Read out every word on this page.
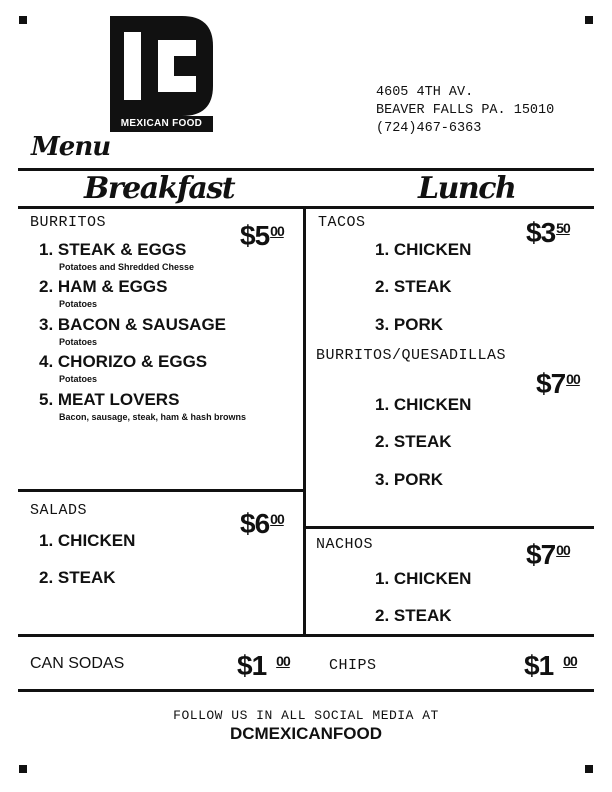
MEXICAN FOOD
4605 4TH AV.
BEAVER FALLS PA. 15010
(724)467-6363
Menu
Breakfast	Lunch
BURRITOS	$\$5^{00}$
1. STEAK & EGGS
Potatoes and Shredded Chesse
2. HAM & EGGS
Potatoes
3. BACON & SAUSAGE
Potatoes
4. CHORIZO & EGGS
Potatoes
5. MEAT LOVERS
Bacon, sausage, steak, ham & hash browns
SALADS	$\$6^{00}$
1. CHICKEN
2. STEAK
CAN SODAS	$1 $^{00}$
TACOS	$\$3^{50}$
1. CHICKEN
2. STEAK
3. PORK
BURRITOS/QUESADILLAS
$\$7^{00}$
1. CHICKEN
2. STEAK
3. PORK
NACHOS	$\$7^{00}$
1. CHICKEN
2. STEAK
CHIPS	$1 $^{00}$
FOLLOW US IN ALL SOCIAL MEDIA AT
DCMEXICANFOOD
